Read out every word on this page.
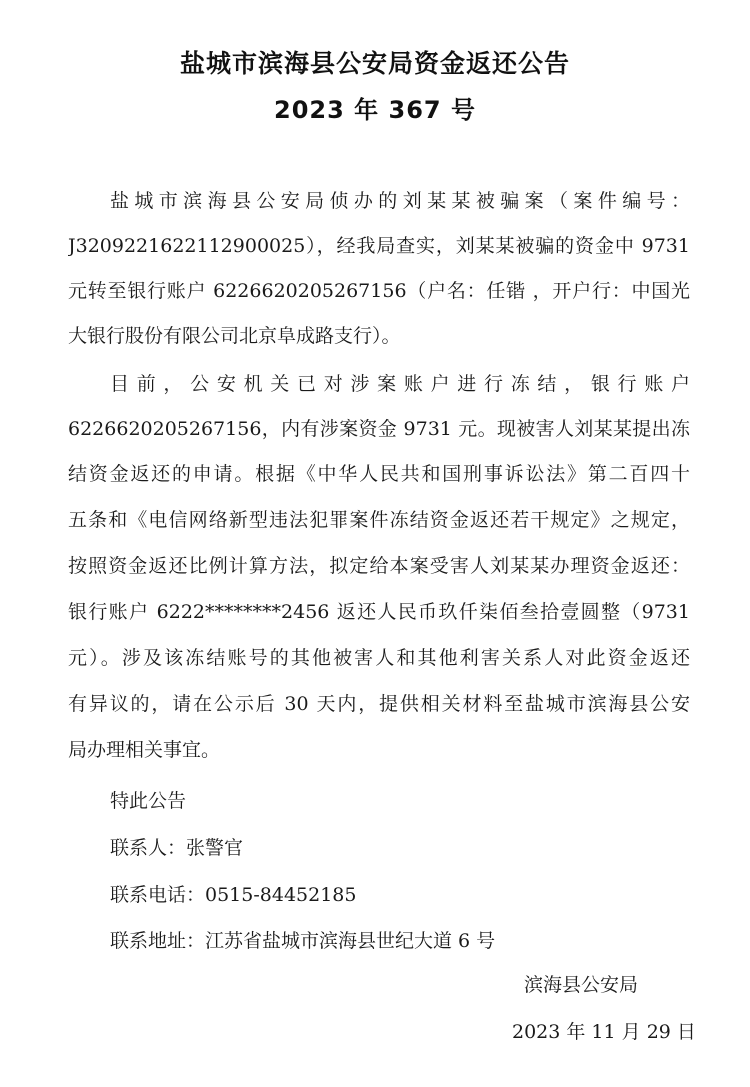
盐城市滨海县公安局资金返还公告
2023 年 367 号
盐城市滨海县公安局侦办的刘某某被骗案（案件编号：
J3209221622112900025），经我局查实，刘某某被骗的资金中 9731
元转至银行账户 6226620205267156（户名：任锴 ，开户行：中国光
大银行股份有限公司北京阜成路支行）。
目前，公安机关已对涉案账户进行冻结，银行账户
6226620205267156，内有涉案资金 9731 元。现被害人刘某某提出冻
结资金返还的申请。根据《中华人民共和国刑事诉讼法》第二百四十
五条和《电信网络新型违法犯罪案件冻结资金返还若干规定》之规定，
按照资金返还比例计算方法，拟定给本案受害人刘某某办理资金返还：
银行账户 6222********2456 返还人民币玖仟柒佰叁拾壹圆整（9731
元）。涉及该冻结账号的其他被害人和其他利害关系人对此资金返还
有异议的，请在公示后 30 天内，提供相关材料至盐城市滨海县公安
局办理相关事宜。
特此公告
联系人：张警官
联系电话：0515-84452185
联系地址：江苏省盐城市滨海县世纪大道 6 号
滨海县公安局
2023 年 11 月 29 日
